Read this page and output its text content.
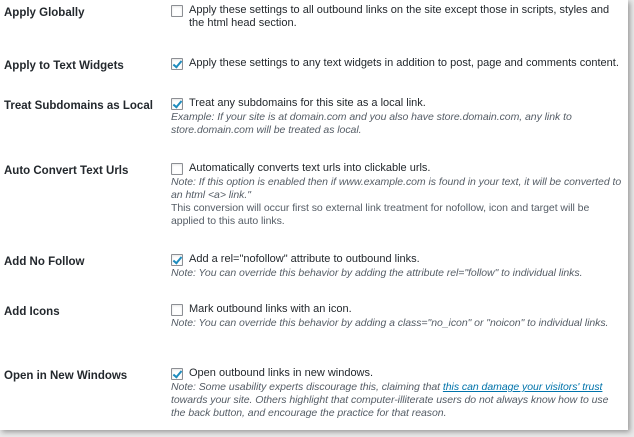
Apply Globally	Apply these settings to all outbound links on the site except those in scripts, styles and the html head section.
Apply to Text Widgets	Apply these settings to any text widgets in addition to post, page and comments content.
Treat Subdomains as Local	Treat any subdomains for this site as a local link.
Example: If your site is at domain.com and you also have store.domain.com, any link to store.domain.com will be treated as local.
Auto Convert Text Urls	Automatically converts text urls into clickable urls.
Note: If this option is enabled then if www.example.com is found in your text, it will be converted to an html <a> link."
This conversion will occur first so external link treatment for nofollow, icon and target will be applied to this auto links.
Add No Follow	Add a rel="nofollow" attribute to outbound links.
Note: You can override this behavior by adding the attribute rel="follow" to individual links.
Add Icons	Mark outbound links with an icon.
Note: You can override this behavior by adding a class="no_icon" or "noicon" to individual links.
Open in New Windows	Open outbound links in new windows.
Note: Some usability experts discourage this, claiming that this can damage your visitors' trust towards your site. Others highlight that computer-illiterate users do not always know how to use the back button, and encourage the practice for that reason.
